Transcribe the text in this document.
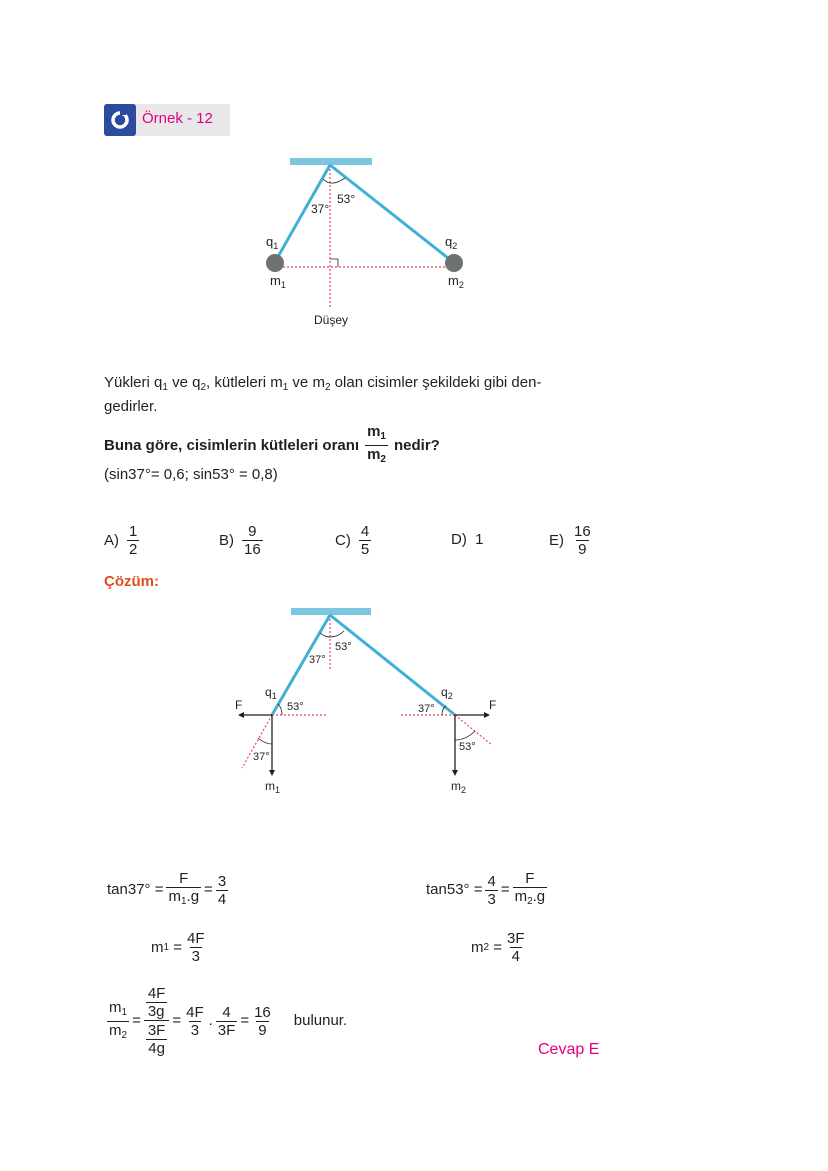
Örnek - 12
37°
53°
$q_1$	$q_2$
$m_1$	$m_2$
Düşey
Yükleri $q_1$ ve $q_2$, kütleleri $m_1$ ve $m_2$ olan cisimler şekildeki gibi den-
gedirler.
Buna göre, cisimlerin kütleleri oranı $\frac{m_1}{m_2}$ nedir?
(sin37°= 0,6; sin53° = 0,8)
$A) \frac{1}{2}$	$B) \frac{9}{16}$	$C) \frac{4}{5}$	D) 1	$E) \frac{16}{9}$
Çözüm:
37°
53°
53°
37°
F
$q_1$
$m_1$
37°
53°
F
$q_2$
$m_2$
$\tan 37^\circ = \frac{F}{m_1.g} = \frac{3}{4}$	$\tan 53^\circ = \frac{4}{3} = \frac{F}{m_2.g}$
m 1
= $\frac{4F}{3}$	m 2
= $\frac{3F}{4}$
$\frac{m_1}{m_2} = \frac{\frac{4F}{3g}}{\frac{3F}{4g}} = \frac{4F}{3}$ . $\frac{4}{3F} = \frac{16}{9}$ bulunur.
Cevap E
